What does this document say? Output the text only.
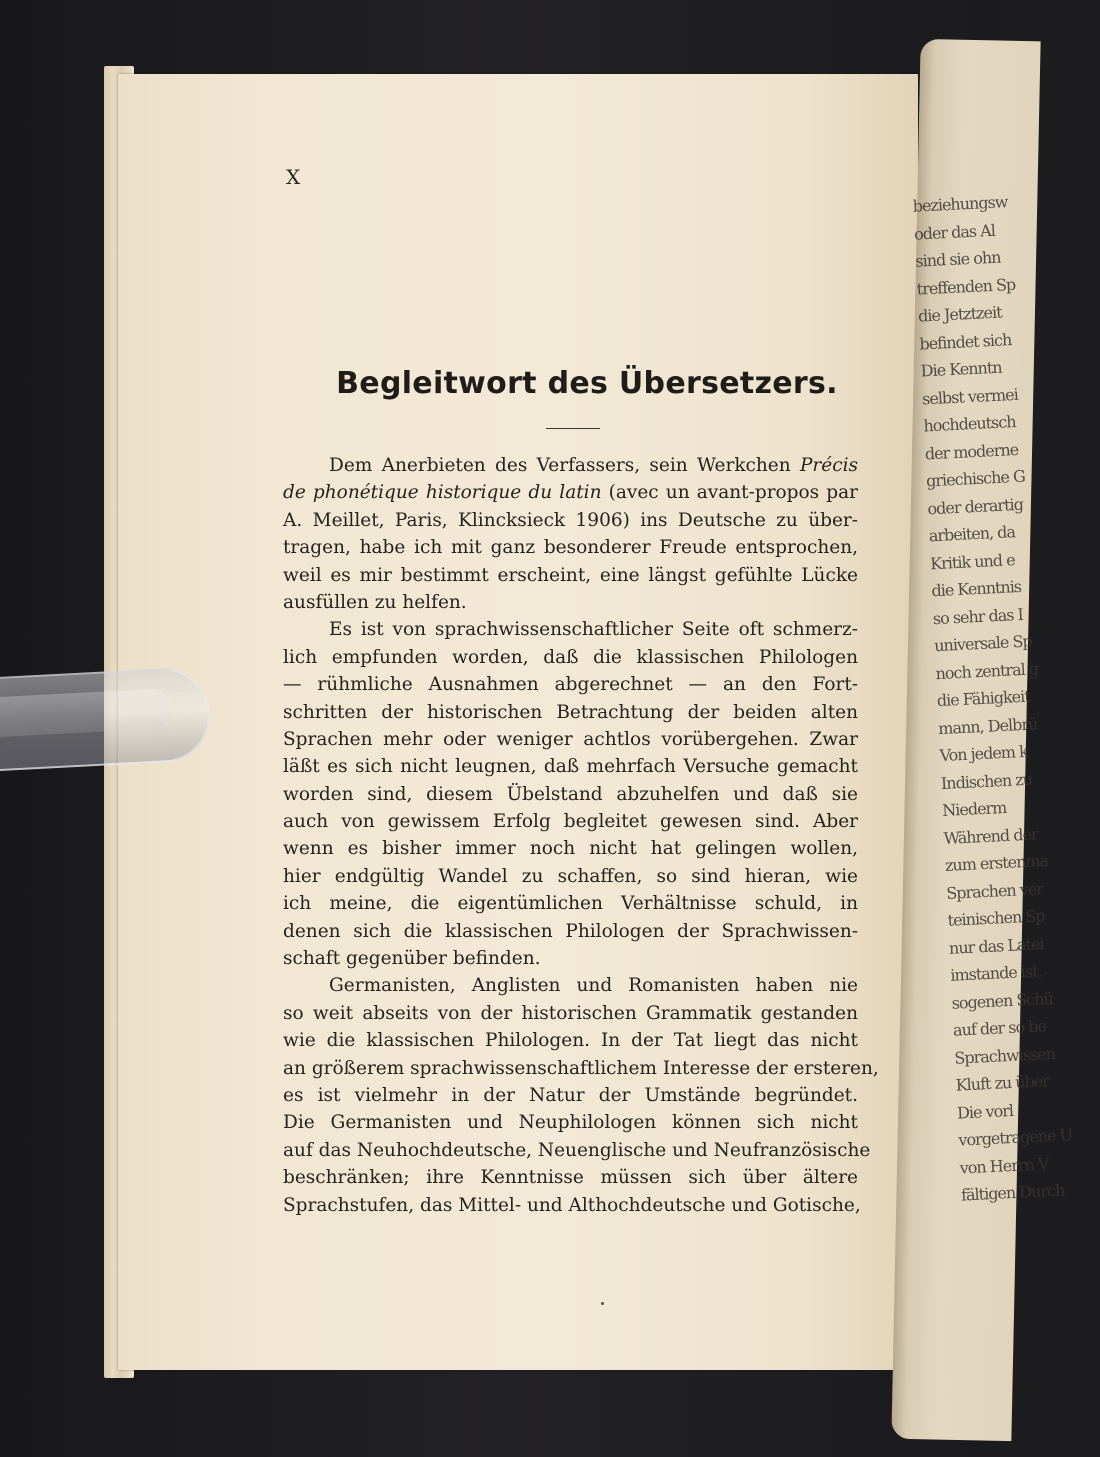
beziehungsw
oder das Al
sind sie ohn
treffenden Sp
die Jetztzeit
befindet sich
Die Kenntn
selbst vermei
hochdeutsch
der moderne
griechische G
oder derartig
arbeiten, da
Kritik und e
die Kenntnis
so sehr das I
universale Sp
noch zentral g
die Fähigkeit
mann, Delbrü
Von jedem k
Indischen zu
Niederm
Während der
zum erstenma
Sprachen ver
teinischen Sp
nur das Latei
imstande ist,
sogenen Schü
auf der so be
Sprachwissen
Kluft zu über
Die vorl
vorgetragene U
von Herrn V
fältigen Durch
X
Begleitwort des Übersetzers.
Dem Anerbieten des Verfassers, sein Werkchen Précis
de phonétique historique du latin (avec un avant-propos par
A. Meillet, Paris, Klincksieck 1906) ins Deutsche zu über-
tragen, habe ich mit ganz besonderer Freude entsprochen,
weil es mir bestimmt erscheint, eine längst gefühlte Lücke
ausfüllen zu helfen.
Es ist von sprachwissenschaftlicher Seite oft schmerz-
lich empfunden worden, daß die klassischen Philologen
— rühmliche Ausnahmen abgerechnet — an den Fort-
schritten der historischen Betrachtung der beiden alten
Sprachen mehr oder weniger achtlos vorübergehen. Zwar
läßt es sich nicht leugnen, daß mehrfach Versuche gemacht
worden sind, diesem Übelstand abzuhelfen und daß sie
auch von gewissem Erfolg begleitet gewesen sind. Aber
wenn es bisher immer noch nicht hat gelingen wollen,
hier endgültig Wandel zu schaffen, so sind hieran, wie
ich meine, die eigentümlichen Verhältnisse schuld, in
denen sich die klassischen Philologen der Sprachwissen-
schaft gegenüber befinden.
Germanisten, Anglisten und Romanisten haben nie
so weit abseits von der historischen Grammatik gestanden
wie die klassischen Philologen. In der Tat liegt das nicht
an größerem sprachwissenschaftlichem Interesse der ersteren,
es ist vielmehr in der Natur der Umstände begründet.
Die Germanisten und Neuphilologen können sich nicht
auf das Neuhochdeutsche, Neuenglische und Neufranzösische
beschränken; ihre Kenntnisse müssen sich über ältere
Sprachstufen, das Mittel- und Althochdeutsche und Gotische,
